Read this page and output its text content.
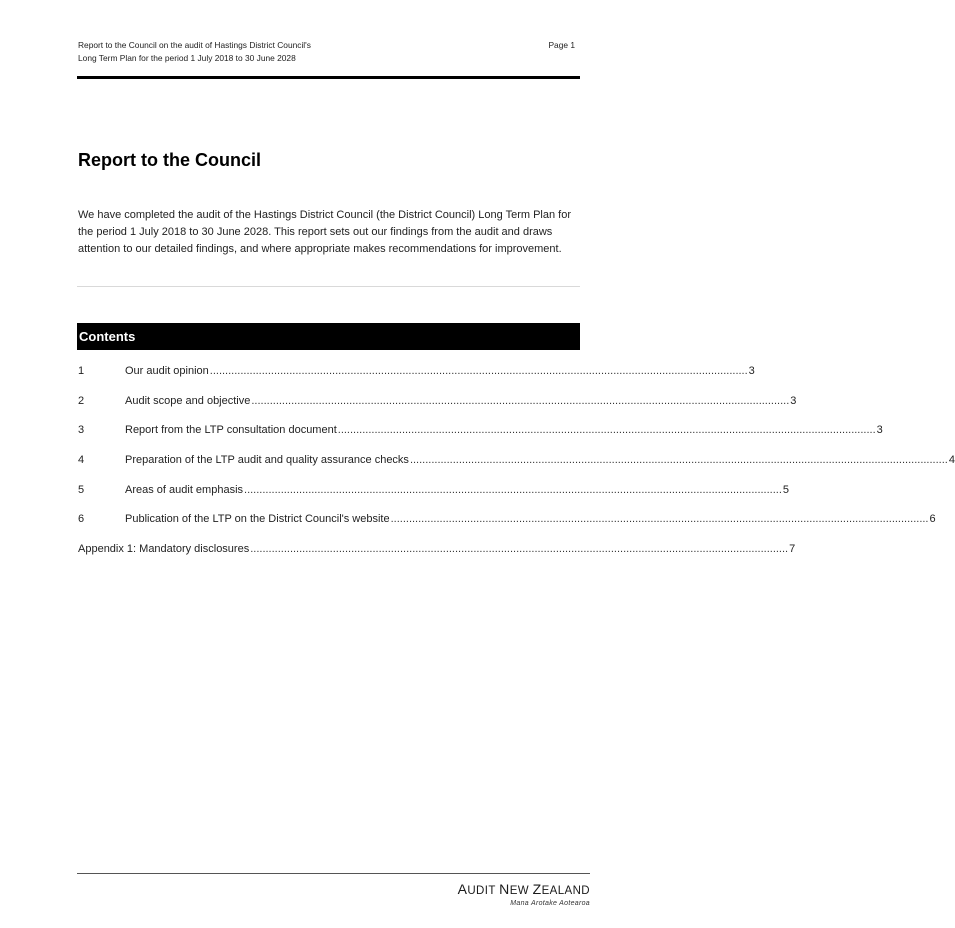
Report to the Council on the audit of Hastings District Council's
Long Term Plan for the period 1 July 2018 to 30 June 2028
Page 1
Report to the Council

We have completed the audit of the Hastings District Council (the District Council) Long Term Plan for the period 1 July 2018 to 30 June 2028. This report sets out our findings from the audit and draws attention to our detailed findings, and where appropriate makes recommendations for improvement.

Contents
1	Our audit opinion ................................................................................................................................................................................ 3
2	Audit scope and objective ................................................................................................................................................................................ 3
3	Report from the LTP consultation document ................................................................................................................................................................................ 3
4	Preparation of the LTP audit and quality assurance checks ................................................................................................................................................................................ 4
5	Areas of audit emphasis ................................................................................................................................................................................ 5
6	Publication of the LTP on the District Council's website ................................................................................................................................................................................ 6
Appendix 1: Mandatory disclosures ................................................................................................................................................................................ 7
AUDIT NEW ZEALAND
Mana Arotake Aotearoa
